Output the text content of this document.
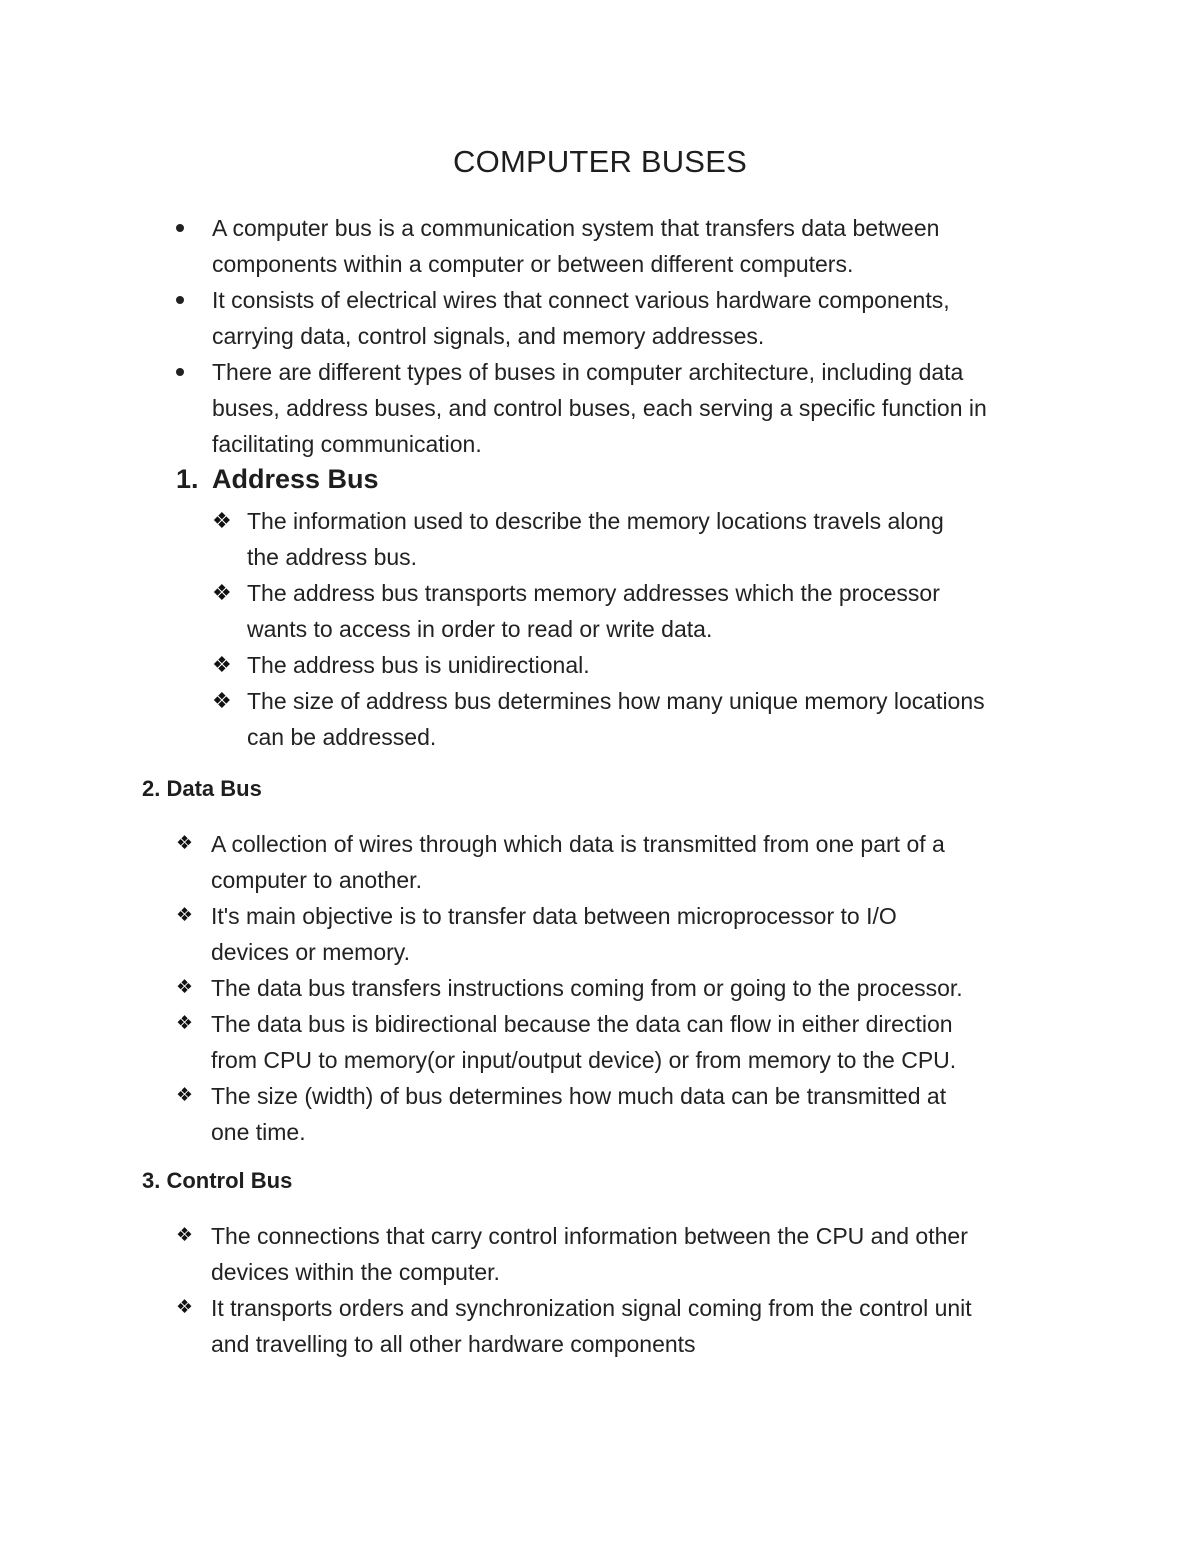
COMPUTER BUSES
A computer bus is a communication system that transfers data between
components within a computer or between different computers.
It consists of electrical wires that connect various hardware components,
carrying data, control signals, and memory addresses.
There are different types of buses in computer architecture, including data
buses, address buses, and control buses, each serving a specific function in
facilitating communication.
1. Address Bus
❖ The information used to describe the memory locations travels along
the address bus.
❖ The address bus transports memory addresses which the processor
wants to access in order to read or write data.
❖ The address bus is unidirectional.
❖ The size of address bus determines how many unique memory locations
can be addressed.
2. Data Bus
❖ A collection of wires through which data is transmitted from one part of a
computer to another.
❖ It's main objective is to transfer data between microprocessor to I/O
devices or memory.
❖ The data bus transfers instructions coming from or going to the processor.
❖ The data bus is bidirectional because the data can flow in either direction
from CPU to memory(or input/output device) or from memory to the CPU.
❖ The size (width) of bus determines how much data can be transmitted at
one time.
3. Control Bus
❖ The connections that carry control information between the CPU and other
devices within the computer.
❖ It transports orders and synchronization signal coming from the control unit
and travelling to all other hardware components
